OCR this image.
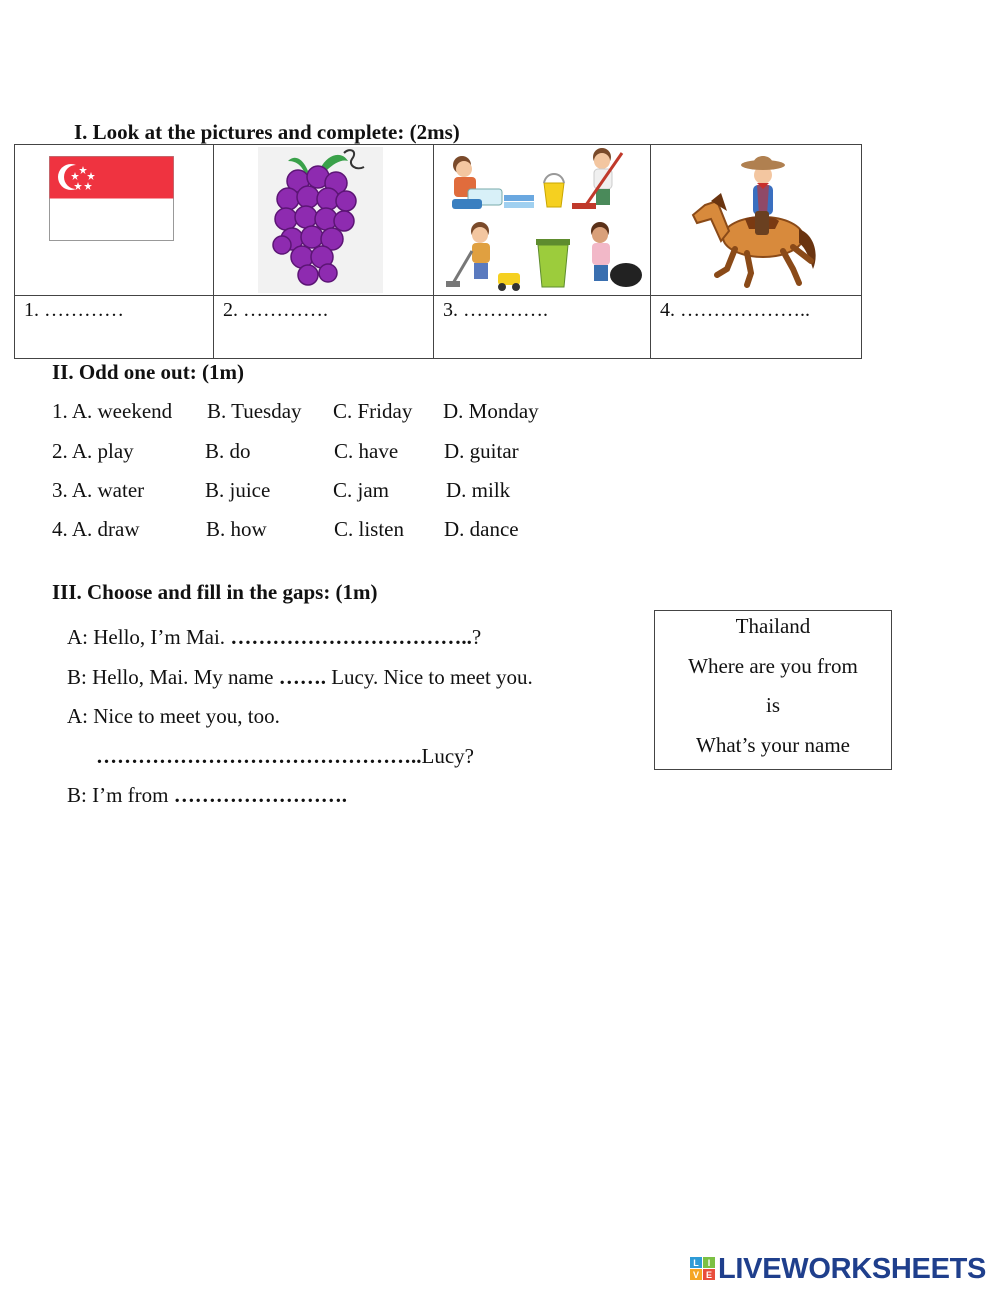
I. Look at the pictures and complete: (2ms)

1. …………	2. ………….	3. ………….	4. ………………..
II. Odd one out: (1m)
1. A. weekend B. Tuesday C. Friday D. Monday
2. A. play	B. do	C. have D. guitar
3. A. water	B. juice	C. jam	D. milk
4. A. draw	B. how	C. listen D. dance
III. Choose and fill in the gaps: (1m)
A: Hello, I’m Mai. ……………………………..?
B: Hello, Mai. My name ……. Lucy. Nice to meet you.
A: Nice to meet you, too.
………………………………………..Lucy?
B: I’m from …………………….
Thailand
Where are you from
is
What’s your name
L I
V E LIVEWORKSHEETS
